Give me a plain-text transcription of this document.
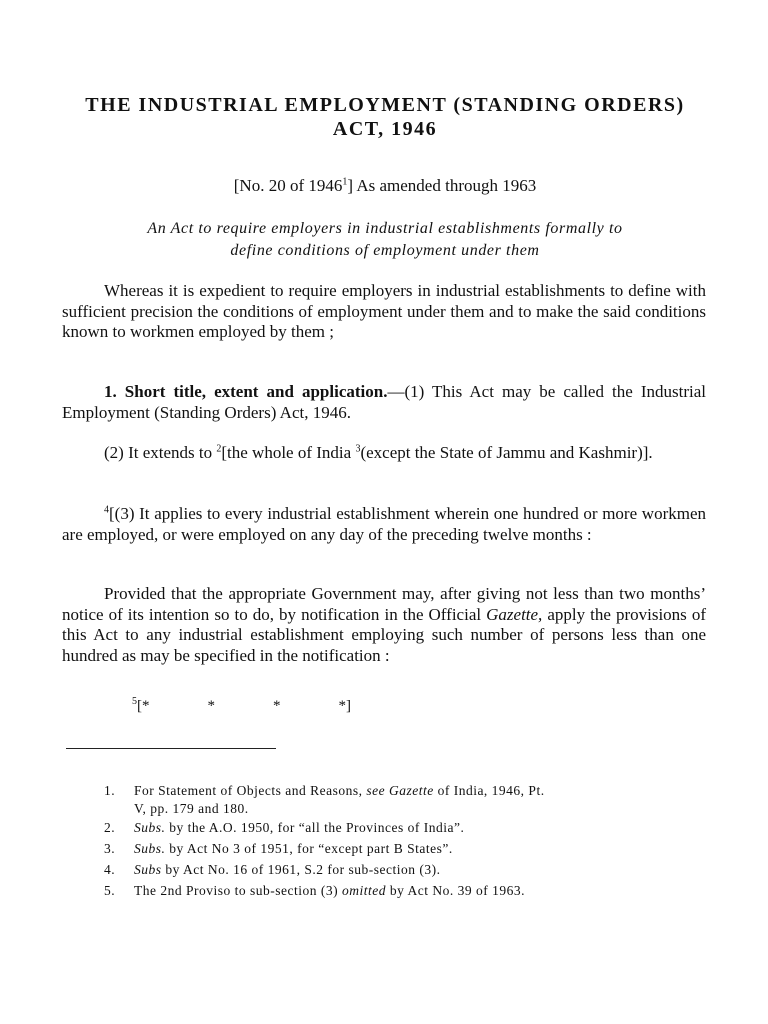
THE INDUSTRIAL EMPLOYMENT (STANDING ORDERS)
ACT, 1946
[No. 20 of 1946$^1$] As amended through 1963
An Act to require employers in industrial establishments formally to
define conditions of employment under them
Whereas it is expedient to require employers in industrial establishments to define with sufficient precision the conditions of employment under them and to make the said conditions known to workmen employed by them ;
1. Short title, extent and application.—(1) This Act may be called the Industrial Employment (Standing Orders) Act, 1946.
(2) It extends to $^2$[the whole of India $^3$(except the State of Jammu and Kashmir)].
$^4$[(3) It applies to every industrial establishment wherein one hundred or more workmen are employed, or were employed on any day of the preceding twelve months :
Provided that the appropriate Government may, after giving not less than two months’ notice of its intention so to do, by notification in the Official Gazette, apply the provisions of this Act to any industrial establishment employing such number of persons less than one hundred as may be specified in the notification :
$^5$[*	*	*	*]
1.	For Statement of Objects and Reasons, see Gazette of India, 1946, Pt.
V, pp. 179 and 180.
2.	Subs. by the A.O. 1950, for “all the Provinces of India”.
3.	Subs. by Act No 3 of 1951, for “except part B States”.
4.	Subs by Act No. 16 of 1961, S.2 for sub-section (3).
5.	The 2nd Proviso to sub-section (3) omitted by Act No. 39 of 1963.
